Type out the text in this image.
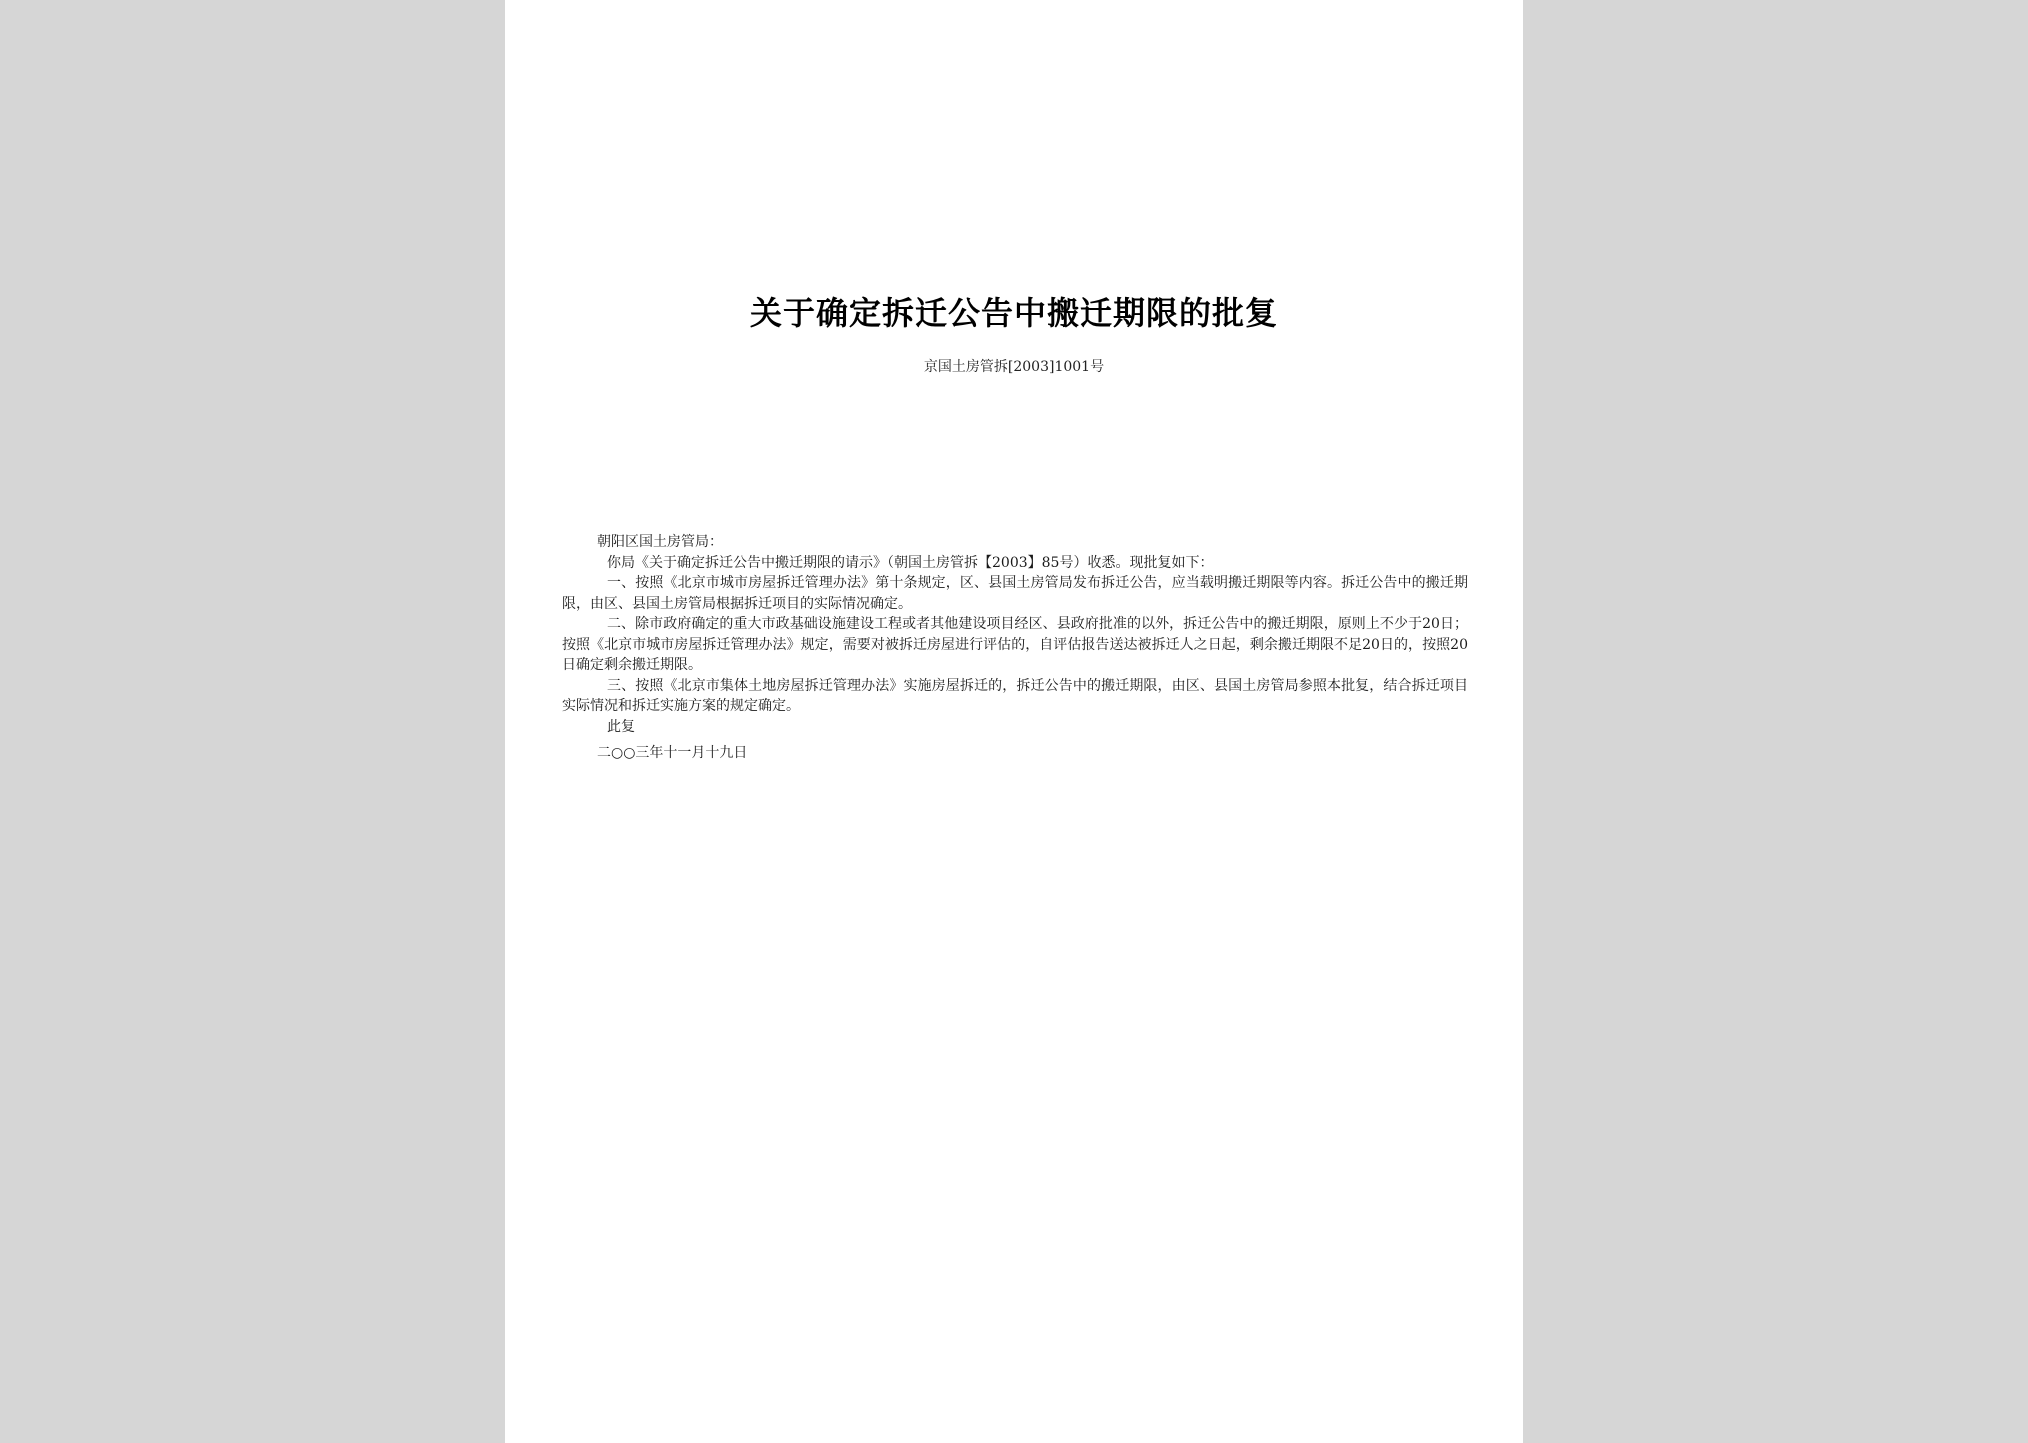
关于确定拆迁公告中搬迁期限的批复
京国土房管拆[2003]1001号

朝阳区国土房管局：

你局《关于确定拆迁公告中搬迁期限的请示》（朝国土房管拆【2003】85号）收悉。现批复如下：

一、按照《北京市城市房屋拆迁管理办法》第十条规定，区、县国土房管局发布拆迁公告，应当载明搬迁期限等内容。拆迁公告中的搬迁期限，由区、县国土房管局根据拆迁项目的实际情况确定。

二、除市政府确定的重大市政基础设施建设工程或者其他建设项目经区、县政府批准的以外，拆迁公告中的搬迁期限，原则上不少于20日；按照《北京市城市房屋拆迁管理办法》规定，需要对被拆迁房屋进行评估的，自评估报告送达被拆迁人之日起，剩余搬迁期限不足20日的，按照20日确定剩余搬迁期限。

三、按照《北京市集体土地房屋拆迁管理办法》实施房屋拆迁的，拆迁公告中的搬迁期限，由区、县国土房管局参照本批复，结合拆迁项目实际情况和拆迁实施方案的规定确定。

此复

二○○三年十一月十九日
